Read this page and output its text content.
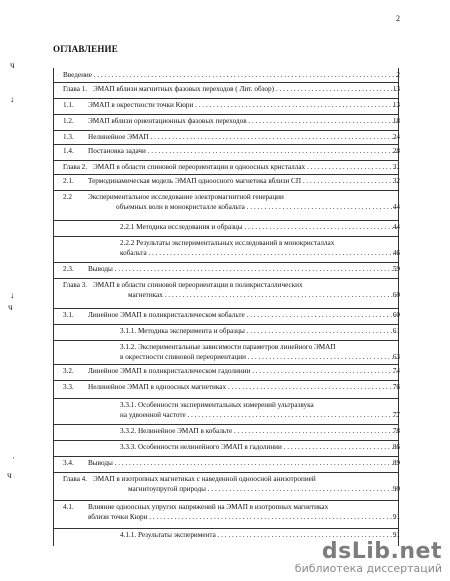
2
ОГЛАВЛЕНИЕ
ч
↓
↓
ч
·
ч
Введение . . .	2
Глава 1. ЭМАП вблизи магнитных фазовых переходов ( Лит. обзор) . . .	13
1.1. ЭМАП в окрестности точки Кюри . . .	13
1.2. ЭМАП вблизи ориентационных фазовых переходов . . .	18
1.3. Нелинейное ЭМАП . . .	24
1.4. Постановка задачи . . .	28
Глава 2. ЭМАП в области спиновой переориентации в одноосных кристаллах . . .	31
2.1. Термодинамическая модель ЭМАП одноосного магнетика вблизи СП . . .	32
2.2 Экспериментальное исследование электромагнитной генерации
объемных волн в монокристалле кобальта . . .	44
2.2.1 Методика исследования и образцы . . .	44
2.2.2 Результаты экспериментальных исследований в монокристаллах
кобальта . . .	46
2.3. Выводы . . .	59
Глава 3. ЭМАП в области спиновой переориентации в поликристаллических
магнетиках . . .	60
3.1. Линейное ЭМАП в поликристаллическом кобальте . . .	60
3.1.1. Методика эксперимента и образцы . . .	61
3.1.2. Экспериментальные зависимости параметров линейного ЭМАП
в окрестности спиновой переориентации . . .	63
3.2. Линейное ЭМАП в поликристаллическом гадолинии . . .	74
3.3. Нелинейное ЭМАП в одноосных магнетиках . . .	76
3.3.1. Особенности экспериментальных измерений ультразвука
на удвоенной частоте . . .	77
3.3.2. Нелинейное ЭМАП в кобальте . . .	78
3.3.3. Особенности нелинейного ЭМАП в гадолинии . . .	86
3.4. Выводы . . .	89
Глава 4. ЭМАП в изотропных магнетиках с наведенной одноосной анизотропией
магнитоупругой природы . . .	90
4.1. Влияние одноосных упругих напряжений на ЭМАП в изотропных магнетиках
вблизи точки Кюри . . .	91
4.1.1. Результаты эксперимента . . .	91
dsLib.net
библиотека диссертаций
